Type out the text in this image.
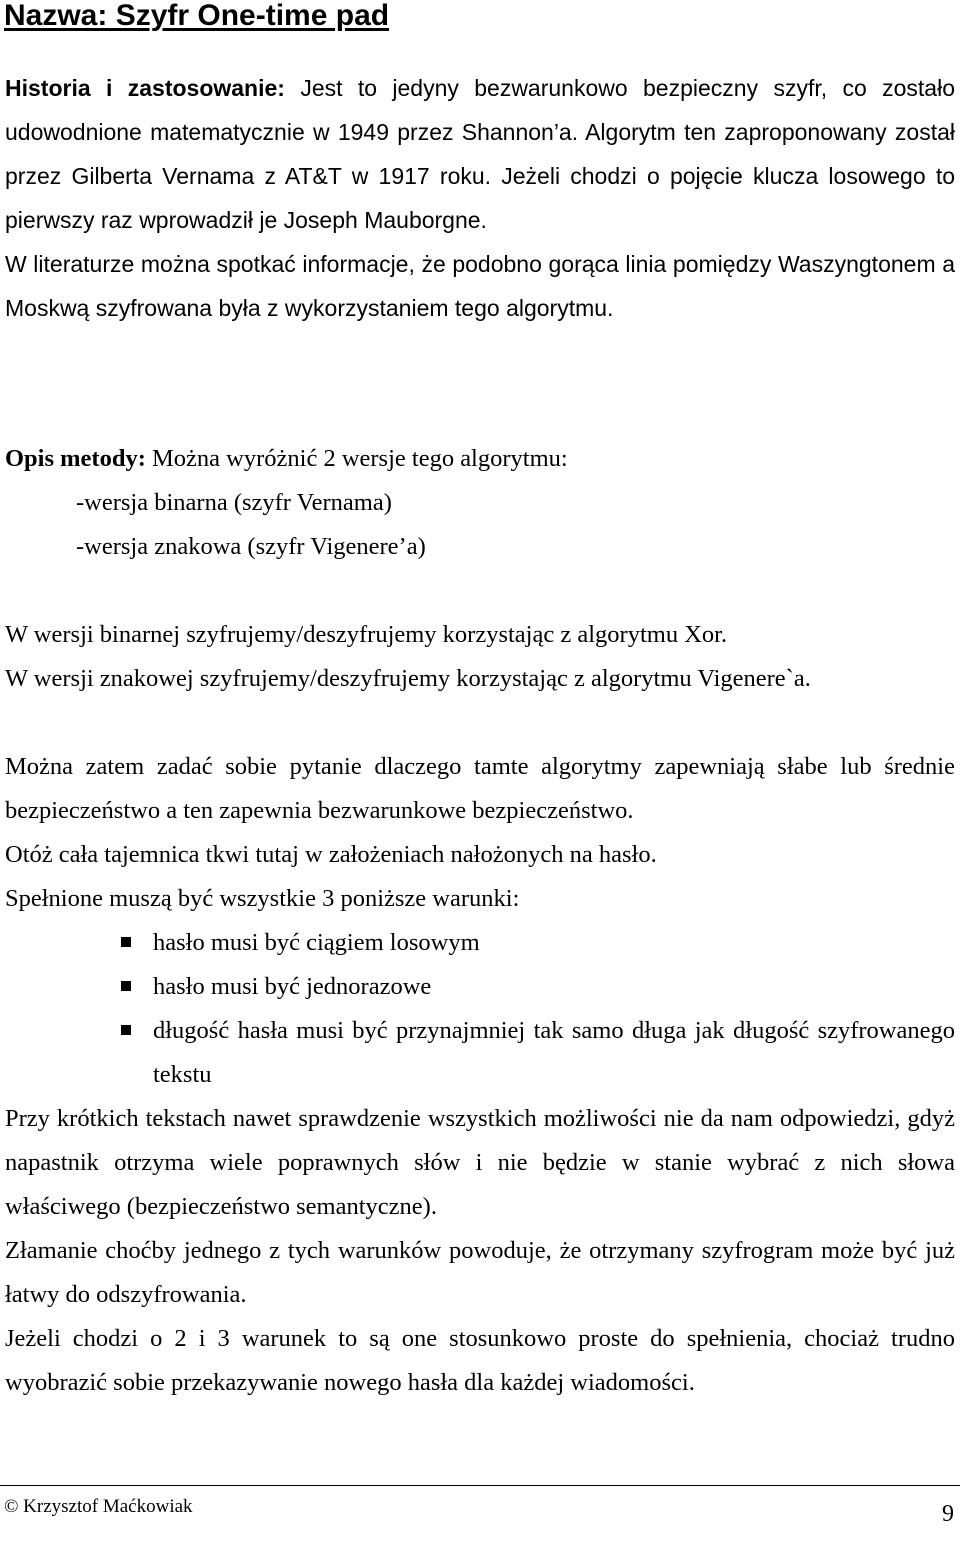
Nazwa: Szyfr One-time pad

Historia i zastosowanie: Jest to jedyny bezwarunkowo bezpieczny szyfr, co zostało udowodnione matematycznie w 1949 przez Shannon’a. Algorytm ten zaproponowany został przez Gilberta Vernama z AT&T w 1917 roku. Jeżeli chodzi o pojęcie klucza losowego to pierwszy raz wprowadził je Joseph Mauborgne.

W literaturze można spotkać informacje, że podobno gorąca linia pomiędzy Waszyngtonem a Moskwą szyfrowana była z wykorzystaniem tego algorytmu.

Opis metody: Można wyróżnić 2 wersje tego algorytmu:

-wersja binarna (szyfr Vernama)

-wersja znakowa (szyfr Vigenere’a)

W wersji binarnej szyfrujemy/deszyfrujemy korzystając z algorytmu Xor.

W wersji znakowej szyfrujemy/deszyfrujemy korzystając z algorytmu Vigenere`a.

Można zatem zadać sobie pytanie dlaczego tamte algorytmy zapewniają słabe lub średnie bezpieczeństwo a ten zapewnia bezwarunkowe bezpieczeństwo.

Otóż cała tajemnica tkwi tutaj w założeniach nałożonych na hasło.

Spełnione muszą być wszystkie 3 poniższe warunki:

hasło musi być ciągiem losowym
hasło musi być jednorazowe
długość hasła musi być przynajmniej tak samo długa jak długość szyfrowanego tekstu

Przy krótkich tekstach nawet sprawdzenie wszystkich możliwości nie da nam odpowiedzi, gdyż napastnik otrzyma wiele poprawnych słów i nie będzie w stanie wybrać z nich słowa właściwego (bezpieczeństwo semantyczne).

Złamanie choćby jednego z tych warunków powoduje, że otrzymany szyfrogram może być już łatwy do odszyfrowania.

Jeżeli chodzi o 2 i 3 warunek to są one stosunkowo proste do spełnienia, chociaż trudno wyobrazić sobie przekazywanie nowego hasła dla każdej wiadomości.

© Krzysztof Maćkowiak	9
